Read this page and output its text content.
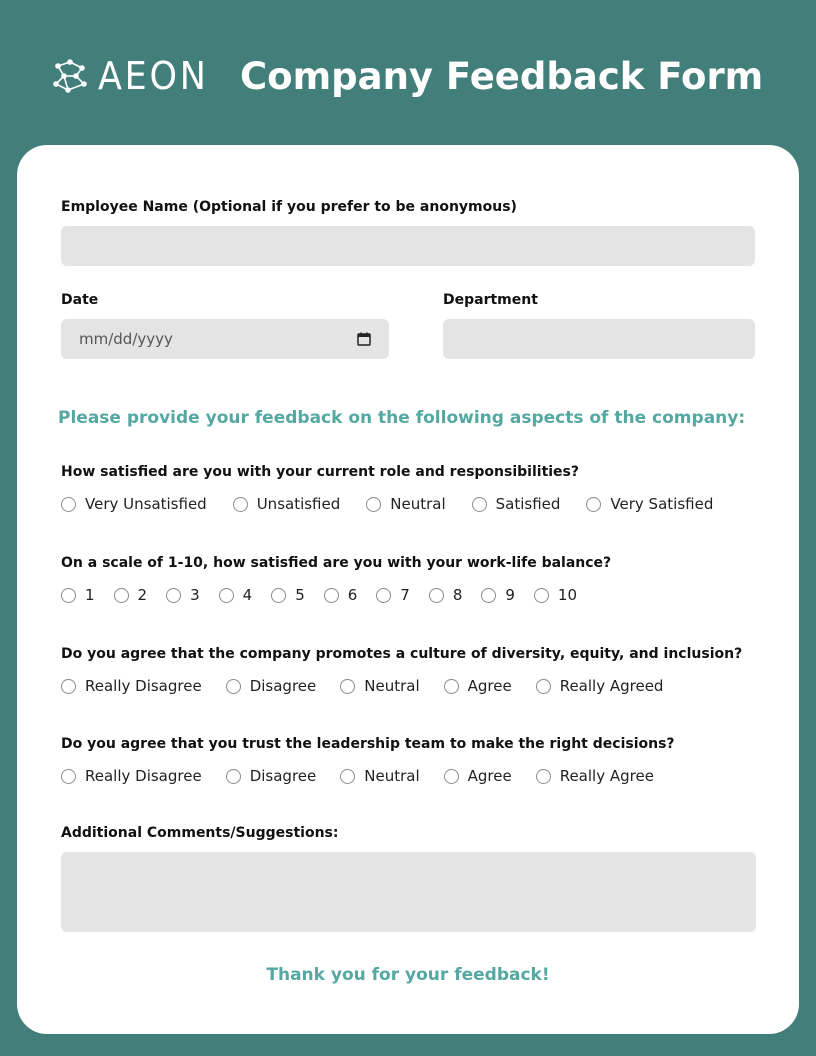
AEON Company Feedback Form
Employee Name (Optional if you prefer to be anonymous)
Date
mm/dd/yyyy
Department
Please provide your feedback on the following aspects of the company:
How satisfied are you with your current role and responsibilities?
Very Unsatisfied	Unsatisfied	Neutral	Satisfied	Very Satisfied
On a scale of 1-10, how satisfied are you with your work-life balance?
1	2	3	4	5	6	7	8	9	10
Do you agree that the company promotes a culture of diversity, equity, and inclusion?
Really Disagree	Disagree	Neutral	Agree	Really Agreed
Do you agree that you trust the leadership team to make the right decisions?
Really Disagree	Disagree	Neutral	Agree	Really Agree
Additional Comments/Suggestions:
Thank you for your feedback!
